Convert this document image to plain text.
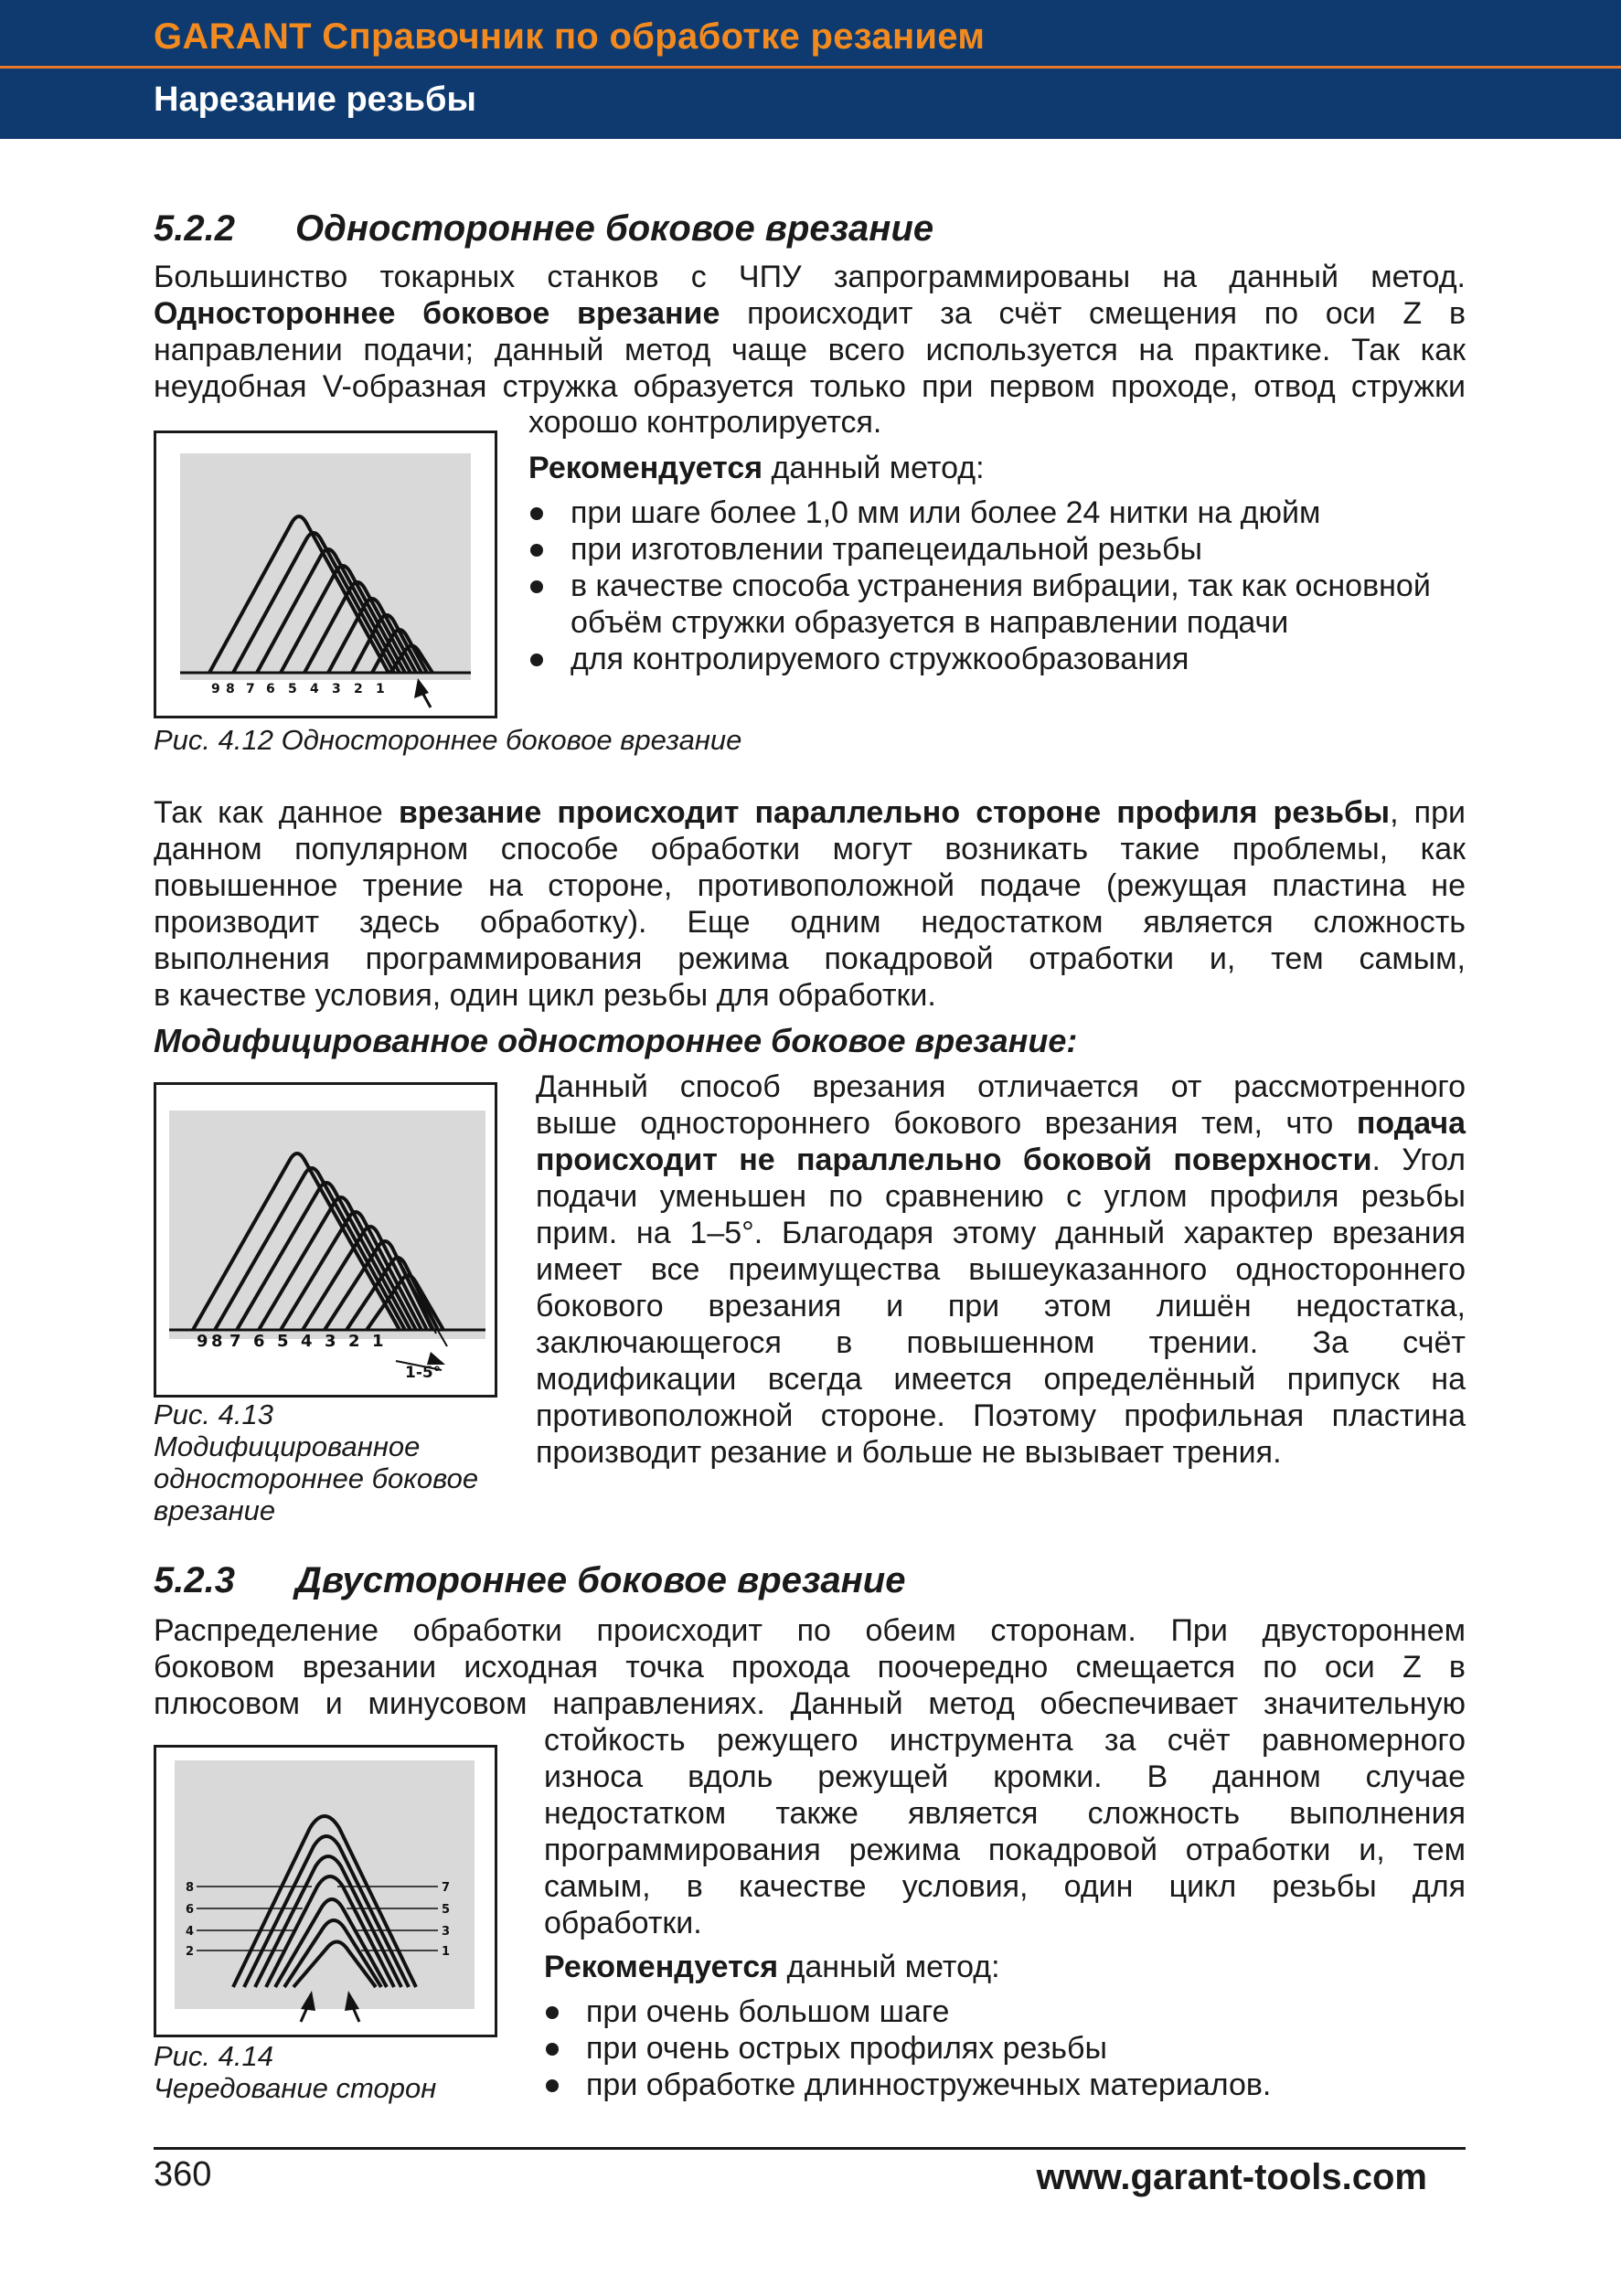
GARANT Справочник по обработке резанием
Нарезание резьбы
5.2.2 Одностороннее боковое врезание
Большинство токарных станков с ЧПУ запрограммированы на данный метод.
Одностороннее боковое врезание происходит за счёт смещения по оси Z в
направлении подачи; данный метод чаще всего используется на практике. Так как
неудобная V-образная стружка образуется только при первом проходе, отвод стружки
хорошо контролируется.
Рекомендуется данный метод:
при шаге более 1,0 мм или более 24 нитки на дюйм
при изготовлении трапецеидальной резьбы
в качестве способа устранения вибрации, так как основной
объём стружки образуется в направлении подачи
для контролируемого стружкообразования
9 8 7 6 5 4 3 2 1
Рис. 4.12 Одностороннее боковое врезание
Так как данное врезание происходит параллельно стороне профиля резьбы, при
данном популярном способе обработки могут возникать такие проблемы, как
повышенное трение на стороне, противоположной подаче (режущая пластина не
производит здесь обработку). Еще одним недостатком является сложность
выполнения программирования режима покадровой отработки и, тем самым,
в качестве условия, один цикл резьбы для обработки.
Модифицированное одностороннее боковое врезание:
9 8 7 6 5 4 3 2 1
1-5°
Рис. 4.13
Модифицированное
одностороннее боковое
врезание
Данный способ врезания отличается от рассмотренного
выше одностороннего бокового врезания тем, что подача
происходит не параллельно боковой поверхности. Угол
подачи уменьшен по сравнению с углом профиля резьбы
прим. на 1–5°. Благодаря этому данный характер врезания
имеет все преимущества вышеуказанного одностороннего
бокового врезания и при этом лишён недостатка,
заключающегося в повышенном трении. За счёт
модификации всегда имеется определённый припуск на
противоположной стороне. Поэтому профильная пластина
производит резание и больше не вызывает трения.
5.2.3 Двустороннее боковое врезание
Распределение обработки происходит по обеим сторонам. При двустороннем
боковом врезании исходная точка прохода поочередно смещается по оси Z в
плюсовом и минусовом направлениях. Данный метод обеспечивает значительную
стойкость режущего инструмента за счёт равномерного
износа вдоль режущей кромки. В данном случае
недостатком также является сложность выполнения
программирования режима покадровой отработки и, тем
самым, в качестве условия, один цикл резьбы для
обработки.
Рекомендуется данный метод:
при очень большом шаге
при очень острых профилях резьбы
при обработке длинностружечных материалов.
8
6
4
2
7
5
3
1
Рис. 4.14
Чередование сторон
360	www.garant-tools.com
